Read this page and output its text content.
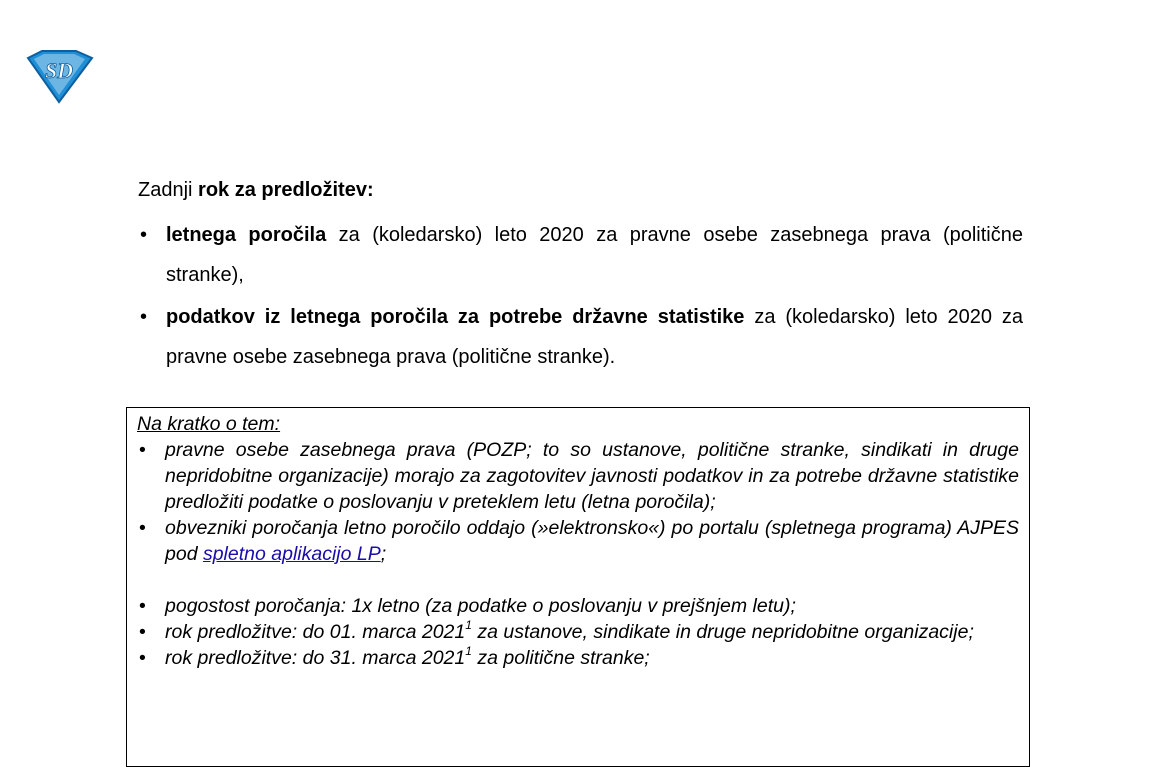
SD

Zadnji rok za predložitev:

• letnega poročila za (koledarsko) leto 2020 za pravne osebe zasebnega prava (politične stranke),
• podatkov iz letnega poročila za potrebe državne statistike za (koledarsko) leto 2020 za pravne osebe zasebnega prava (politične stranke).

Na kratko o tem:

• pravne osebe zasebnega prava (POZP; to so ustanove, politične stranke, sindikati in druge nepridobitne organizacije) morajo za zagotovitev javnosti podatkov in za potrebe državne statistike predložiti podatke o poslovanju v preteklem letu (letna poročila);
• obvezniki poročanja letno poročilo oddajo (»elektronsko«) po portalu (spletnega programa) AJPES pod spletno aplikacijo LP;
• pogostost poročanja: 1x letno (za podatke o poslovanju v prejšnjem letu);
• rok predložitve: do 01. marca 2021$^1$ za ustanove, sindikate in druge nepridobitne organizacije;
• rok predložitve: do 31. marca 2021$^1$ za politične stranke;
